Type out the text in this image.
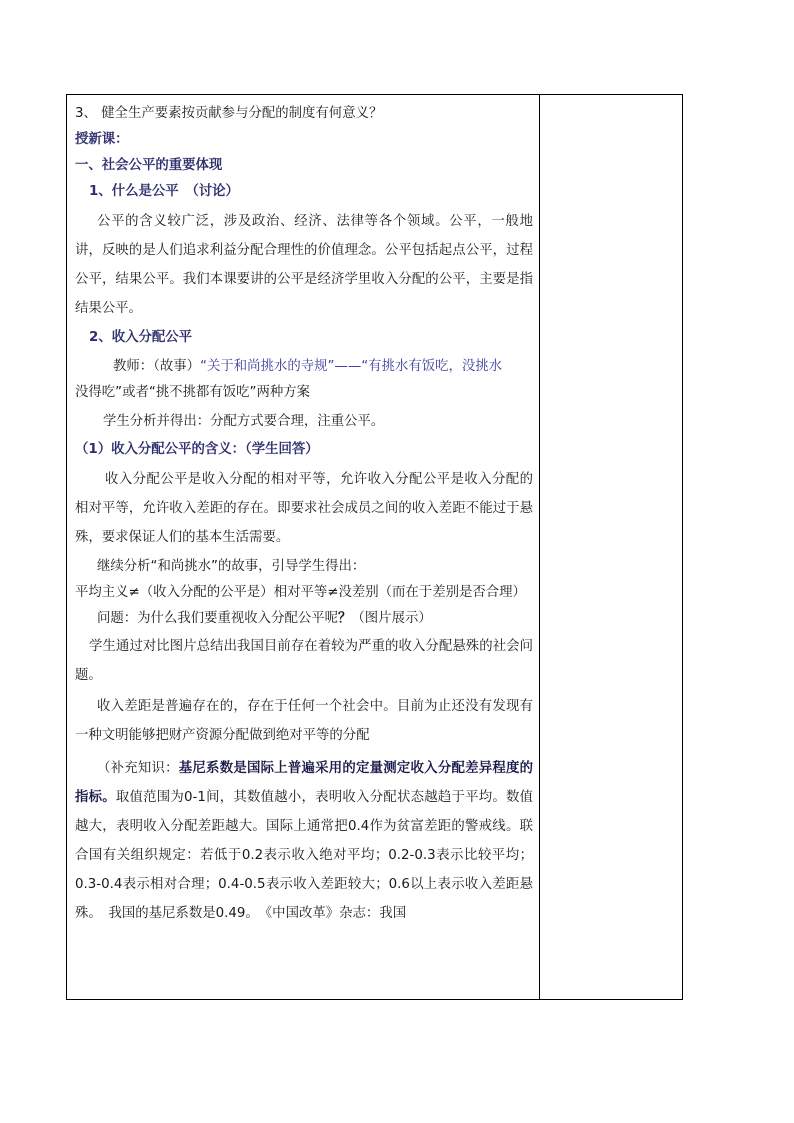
3、 健全生产要素按贡献参与分配的制度有何意义？

授新课：

一、社会公平的重要体现

1、什么是公平　（讨论）

公平的含义较广泛，涉及政治、经济、法律等各个领域。公平，一般地讲，反映的是人们追求利益分配合理性的价值理念。公平包括起点公平，过程公平，结果公平。我们本课要讲的公平是经济学里收入分配的公平，主要是指结果公平。

2、收入分配公平

教师：（故事）“关于和尚挑水的寺规”——“有挑水有饭吃，没挑水

没得吃”或者“挑不挑都有饭吃”两种方案

学生分析并得出：分配方式要合理，注重公平。

（1）收入分配公平的含义：（学生回答）

收入分配公平是收入分配的相对平等，允许收入分配公平是收入分配的相对平等，允许收入差距的存在。即要求社会成员之间的收入差距不能过于悬殊，要求保证人们的基本生活需要。

继续分析“和尚挑水”的故事，引导学生得出：

平均主义≠（收入分配的公平是）相对平等≠没差别（而在于差别是否合理）

问题：为什么我们要重视收入分配公平呢？（图片展示）

学生通过对比图片总结出我国目前存在着较为严重的收入分配悬殊的社会问题。

收入差距是普遍存在的，存在于任何一个社会中。目前为止还没有发现有一种文明能够把财产资源分配做到绝对平等的分配

（补充知识：基尼系数是国际上普遍采用的定量测定收入分配差异程度的指标。取值范围为0-1间，其数值越小，表明收入分配状态越趋于平均。数值越大，表明收入分配差距越大。国际上通常把0.4作为贫富差距的警戒线。联合国有关组织规定：若低于0.2表示收入绝对平均；0.2-0.3表示比较平均；0.3-0.4表示相对合理；0.4-0.5表示收入差距较大；0.6以上表示收入差距悬殊。　我国的基尼系数是0.49。　《中国改革》杂志：我国
